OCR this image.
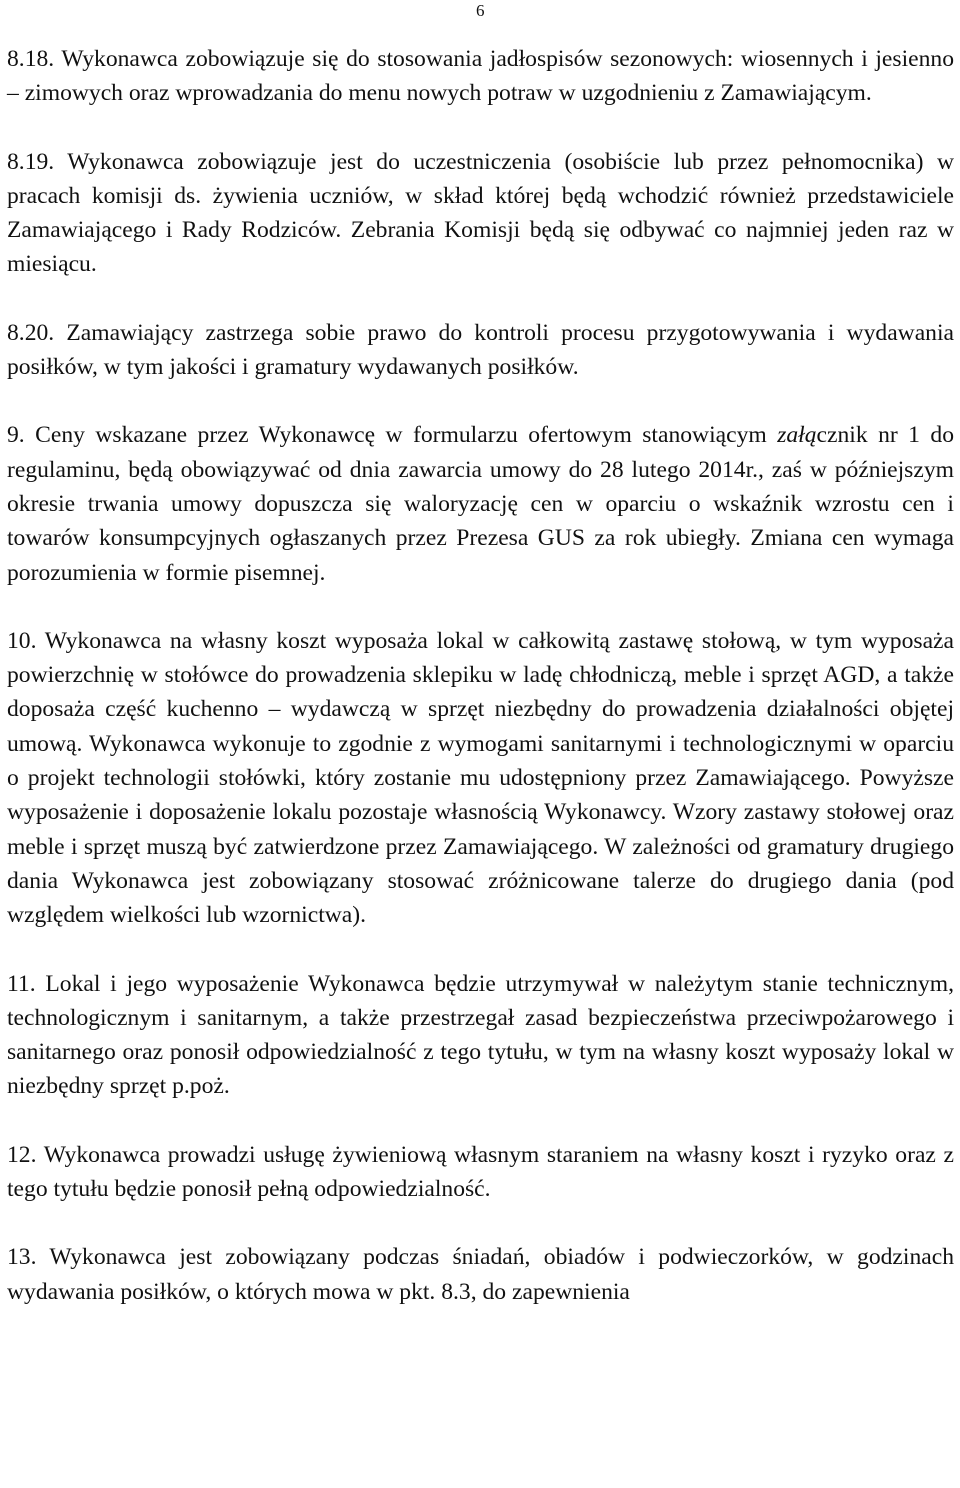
6

8.18. Wykonawca zobowiązuje się do stosowania jadłospisów sezonowych: wiosennych i jesienno – zimowych oraz wprowadzania do menu nowych potraw w uzgodnieniu z Zamawiającym.

8.19. Wykonawca zobowiązuje jest do uczestniczenia (osobiście lub przez pełnomocnika) w pracach komisji ds. żywienia uczniów, w skład której będą wchodzić również przedstawiciele Zamawiającego i Rady Rodziców. Zebrania Komisji będą się odbywać co najmniej jeden raz w miesiącu.

8.20. Zamawiający zastrzega sobie prawo do kontroli procesu przygotowywania i wydawania posiłków, w tym jakości i gramatury wydawanych posiłków.

9. Ceny wskazane przez Wykonawcę w formularzu ofertowym stanowiącym załącznik nr 1 do regulaminu, będą obowiązywać od dnia zawarcia umowy do 28 lutego 2014r., zaś w późniejszym okresie trwania umowy dopuszcza się waloryzację cen w oparciu o wskaźnik wzrostu cen i towarów konsumpcyjnych ogłaszanych przez Prezesa GUS za rok ubiegły. Zmiana cen wymaga porozumienia w formie pisemnej.

10. Wykonawca na własny koszt wyposaża lokal w całkowitą zastawę stołową, w tym wyposaża powierzchnię w stołówce do prowadzenia sklepiku w ladę chłodniczą, meble i sprzęt AGD, a także doposaża część kuchenno – wydawczą w sprzęt niezbędny do prowadzenia działalności objętej umową. Wykonawca wykonuje to zgodnie z wymogami sanitarnymi i technologicznymi w oparciu o projekt technologii stołówki, który zostanie mu udostępniony przez Zamawiającego. Powyższe wyposażenie i doposażenie lokalu pozostaje własnością Wykonawcy. Wzory zastawy stołowej oraz meble i sprzęt muszą być zatwierdzone przez Zamawiającego. W zależności od gramatury drugiego dania Wykonawca jest zobowiązany stosować zróżnicowane talerze do drugiego dania (pod względem wielkości lub wzornictwa).

11. Lokal i jego wyposażenie Wykonawca będzie utrzymywał w należytym stanie technicznym, technologicznym i sanitarnym, a także przestrzegał zasad bezpieczeństwa przeciwpożarowego i sanitarnego oraz ponosił odpowiedzialność z tego tytułu, w tym na własny koszt wyposaży lokal w niezbędny sprzęt p.poż.

12. Wykonawca prowadzi usługę żywieniową własnym staraniem na własny koszt i ryzyko oraz z tego tytułu będzie ponosił pełną odpowiedzialność.

13. Wykonawca jest zobowiązany podczas śniadań, obiadów i podwieczorków, w godzinach wydawania posiłków, o których mowa w pkt. 8.3, do zapewnienia
